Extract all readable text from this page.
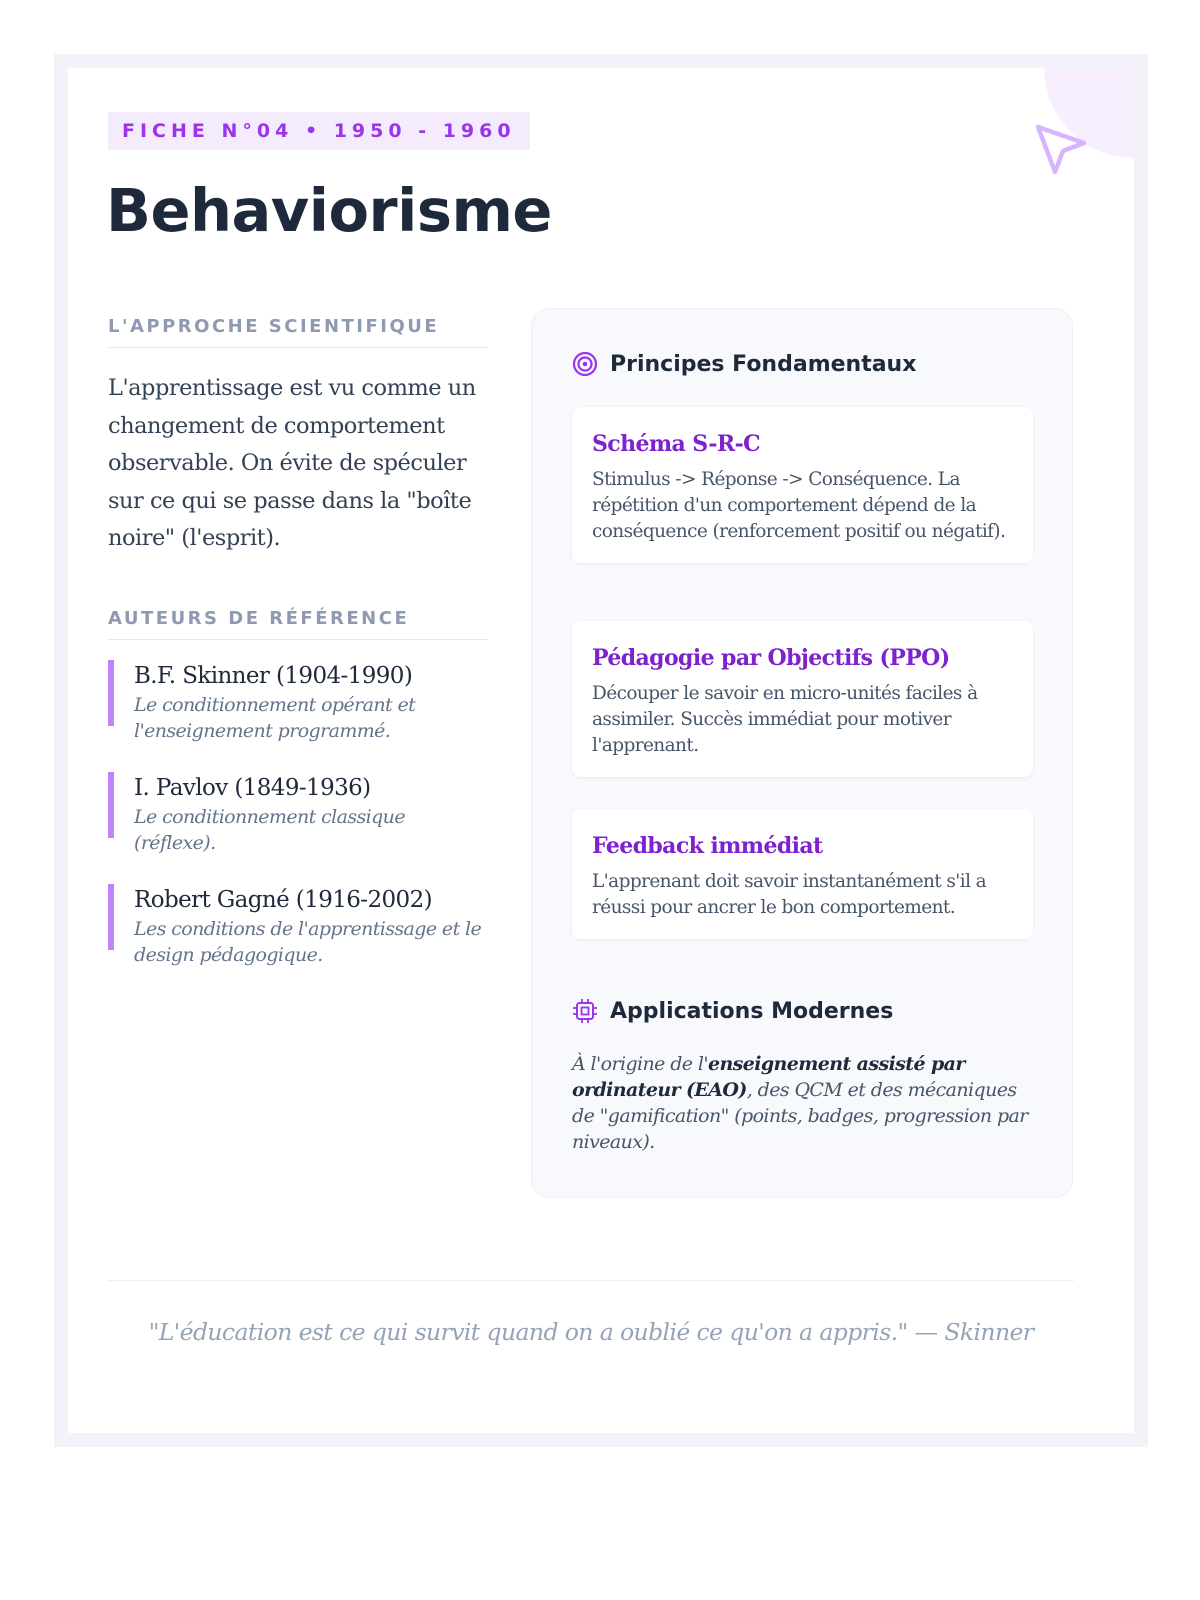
FICHE N°04 • 1950 - 1960
Behaviorisme
L'APPROCHE SCIENTIFIQUE

L'apprentissage est vu comme un changement de comportement observable. On évite de spéculer sur ce qui se passe dans la "boîte noire" (l'esprit).

AUTEURS DE RÉFÉRENCE
B.F. Skinner (1904-1990)
Le conditionnement opérant et l'enseignement programmé.
I. Pavlov (1849-1936)
Le conditionnement classique (réflexe).
Robert Gagné (1916-2002)
Les conditions de l'apprentissage et le design pédagogique.
Principes Fondamentaux
Schéma S-R-C
Stimulus -> Réponse -> Conséquence. La répétition d'un comportement dépend de la conséquence (renforcement positif ou négatif).
Pédagogie par Objectifs (PPO)
Découper le savoir en micro-unités faciles à assimiler. Succès immédiat pour motiver l'apprenant.
Feedback immédiat
L'apprenant doit savoir instantanément s'il a réussi pour ancrer le bon comportement.
Applications Modernes

À l'origine de l'enseignement assisté par ordinateur (EAO), des QCM et des mécaniques de "gamification" (points, badges, progression par niveaux).

"L'éducation est ce qui survit quand on a oublié ce qu'on a appris." — Skinner
